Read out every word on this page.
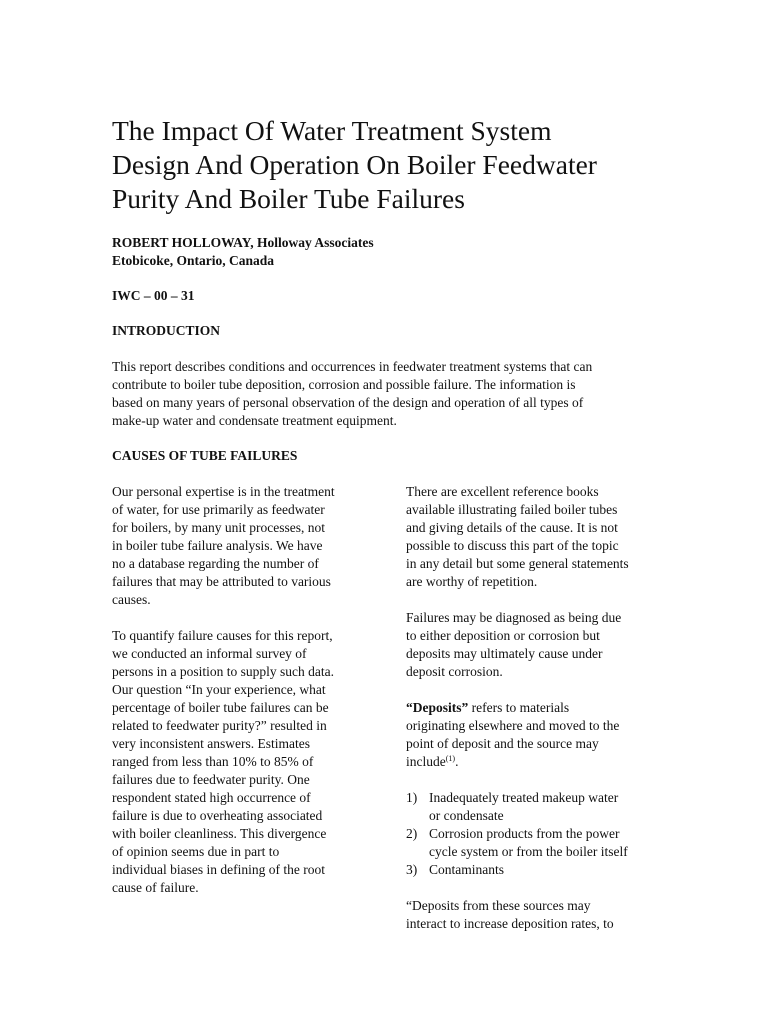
The Impact Of Water Treatment System
Design And Operation On Boiler Feedwater
Purity And Boiler Tube Failures
ROBERT HOLLOWAY, Holloway Associates
Etobicoke, Ontario, Canada
IWC – 00 – 31
INTRODUCTION
This report describes conditions and occurrences in feedwater treatment systems that can
contribute to boiler tube deposition, corrosion and possible failure. The information is
based on many years of personal observation of the design and operation of all types of
make-up water and condensate treatment equipment.
CAUSES OF TUBE FAILURES

Our personal expertise is in the treatment
of water, for use primarily as feedwater
for boilers, by many unit processes, not
in boiler tube failure analysis. We have
no a database regarding the number of
failures that may be attributed to various
causes.

To quantify failure causes for this report,
we conducted an informal survey of
persons in a position to supply such data.
Our question “In your experience, what
percentage of boiler tube failures can be
related to feedwater purity?” resulted in
very inconsistent answers. Estimates
ranged from less than 10% to 85% of
failures due to feedwater purity. One
respondent stated high occurrence of
failure is due to overheating associated
with boiler cleanliness. This divergence
of opinion seems due in part to
individual biases in defining of the root
cause of failure.

There are excellent reference books
available illustrating failed boiler tubes
and giving details of the cause. It is not
possible to discuss this part of the topic
in any detail but some general statements
are worthy of repetition.

Failures may be diagnosed as being due
to either deposition or corrosion but
deposits may ultimately cause under
deposit corrosion.

“Deposits” refers to materials
originating elsewhere and moved to the
point of deposit and the source may
include$^{(1)}$.

1) Inadequately treated makeup water
or condensate
2) Corrosion products from the power
cycle system or from the boiler itself
3) Contaminants

“Deposits from these sources may
interact to increase deposition rates, to
